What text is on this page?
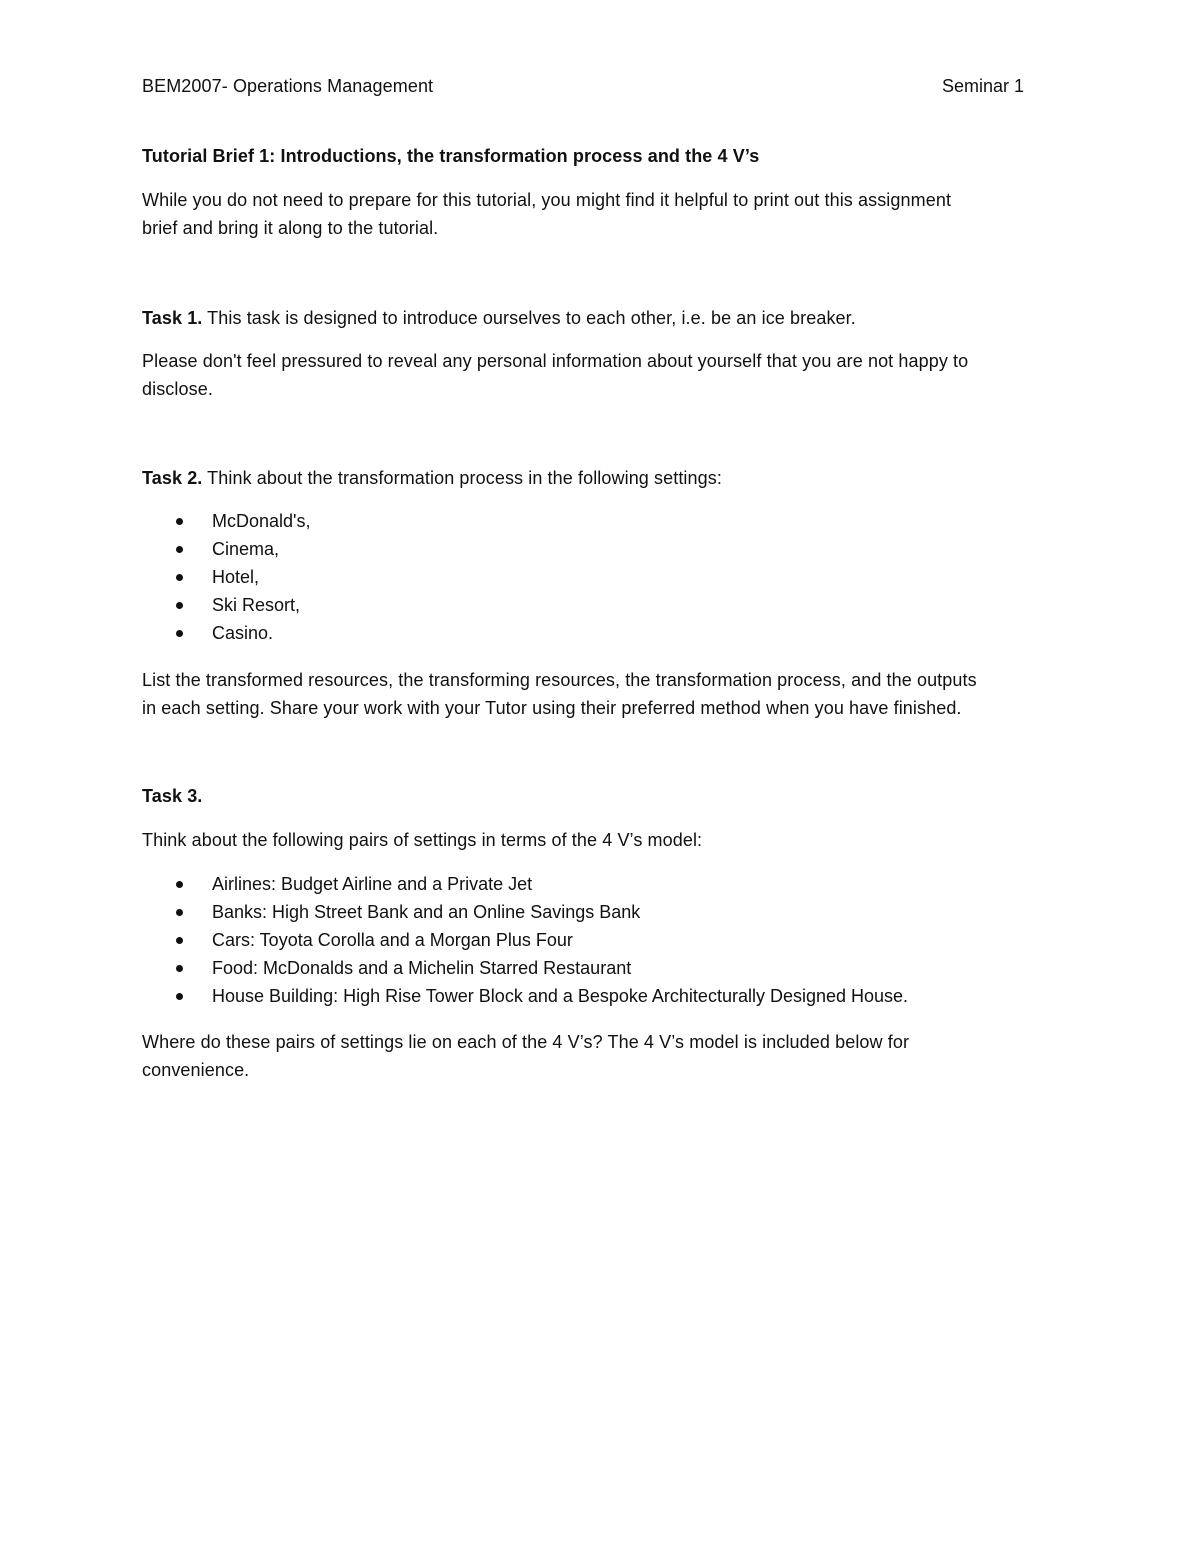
BEM2007- Operations Management	Seminar 1
Tutorial Brief 1: Introductions, the transformation process and the 4 V’s
While you do not need to prepare for this tutorial, you might find it helpful to print out this assignment
brief and bring it along to the tutorial.
Task 1. This task is designed to introduce ourselves to each other, i.e. be an ice breaker.
Please don't feel pressured to reveal any personal information about yourself that you are not happy to
disclose.
Task 2. Think about the transformation process in the following settings:
McDonald's,
Cinema,
Hotel,
Ski Resort,
Casino.
List the transformed resources, the transforming resources, the transformation process, and the outputs
in each setting. Share your work with your Tutor using their preferred method when you have finished.
Task 3.
Think about the following pairs of settings in terms of the 4 V’s model:
Airlines: Budget Airline and a Private Jet
Banks: High Street Bank and an Online Savings Bank
Cars: Toyota Corolla and a Morgan Plus Four
Food: McDonalds and a Michelin Starred Restaurant
House Building: High Rise Tower Block and a Bespoke Architecturally Designed House.
Where do these pairs of settings lie on each of the 4 V’s? The 4 V’s model is included below for
convenience.
